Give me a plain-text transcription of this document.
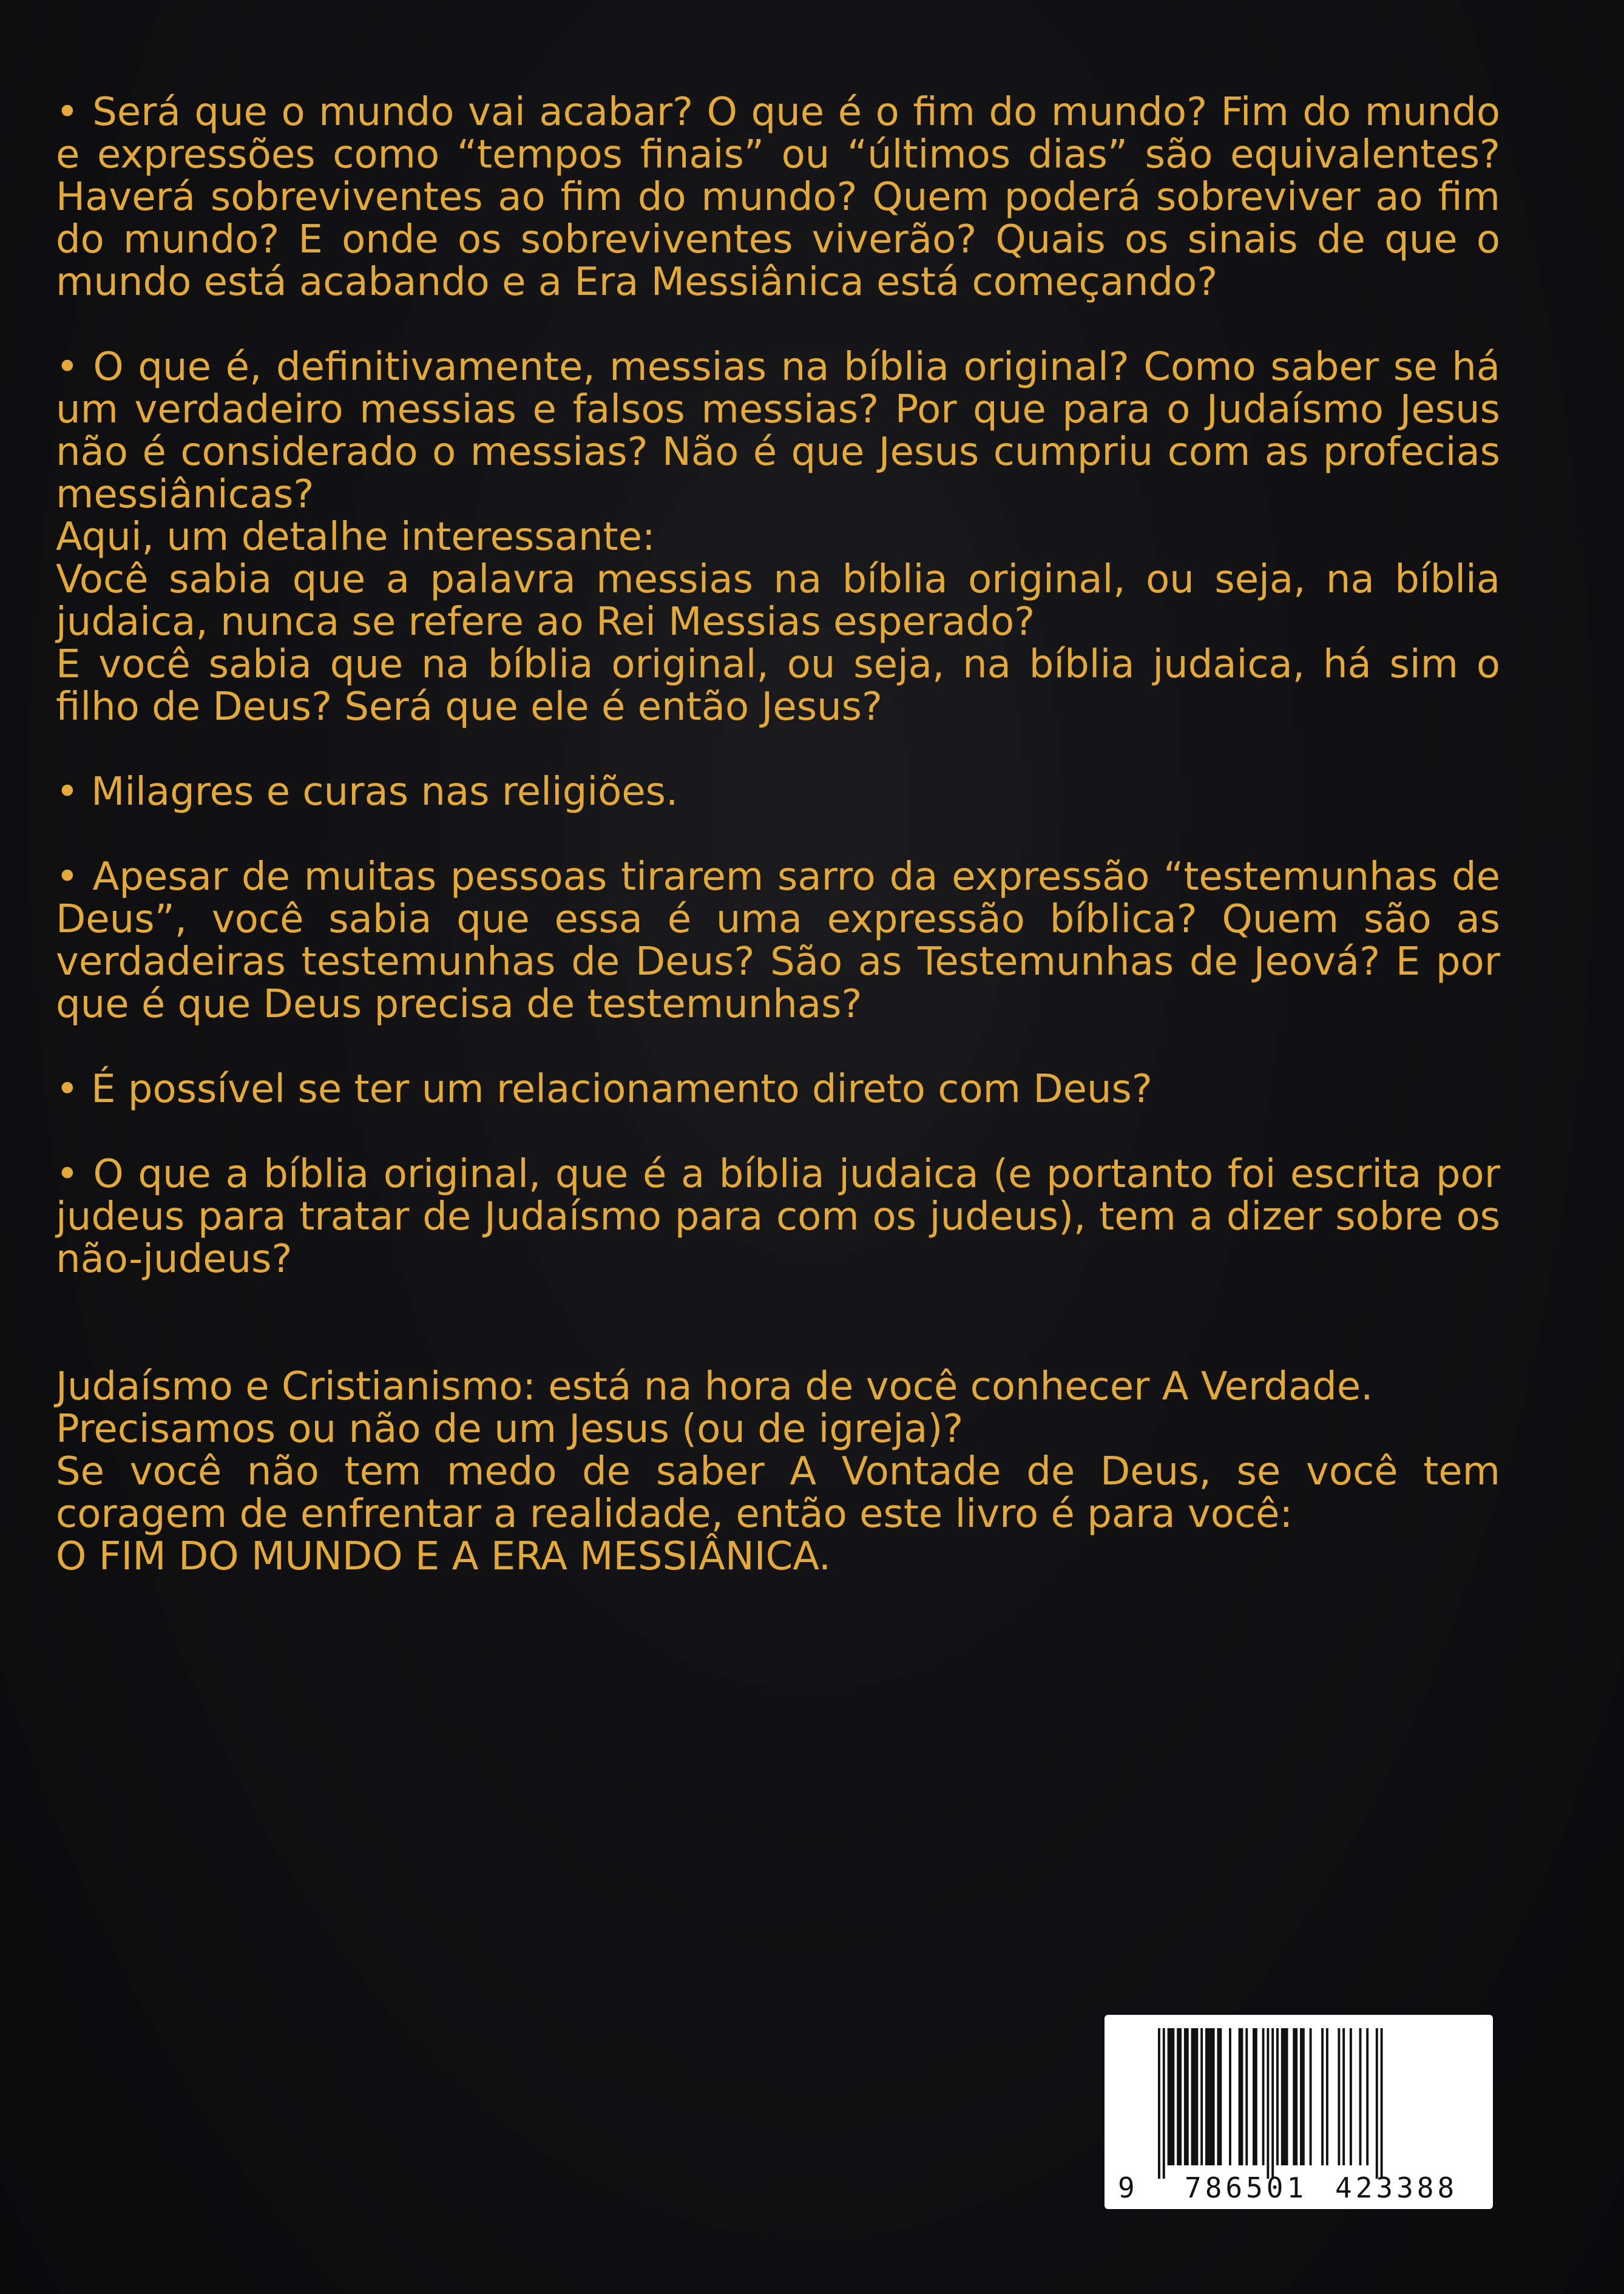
• Será que o mundo vai acabar? O que é o fim do mundo? Fim do mundo e expressões como “tempos finais” ou “últimos dias” são equivalentes? Haverá sobreviventes ao fim do mundo? Quem poderá sobreviver ao fim do mundo? E onde os sobreviventes viverão? Quais os sinais de que o mundo está acabando e a Era Messiânica está começando?

• O que é, definitivamente, messias na bíblia original? Como saber se há um verdadeiro messias e falsos messias? Por que para o Judaísmo Jesus não é considerado o messias? Não é que Jesus cumpriu com as profecias messiânicas?
Aqui, um detalhe interessante:
Você sabia que a palavra messias na bíblia original, ou seja, na bíblia judaica, nunca se refere ao Rei Messias esperado?
E você sabia que na bíblia original, ou seja, na bíblia judaica, há sim o filho de Deus? Será que ele é então Jesus?

• Milagres e curas nas religiões.

• Apesar de muitas pessoas tirarem sarro da expressão “testemunhas de Deus”, você sabia que essa é uma expressão bíblica? Quem são as verdadeiras testemunhas de Deus? São as Testemunhas de Jeová? E por que é que Deus precisa de testemunhas?

• É possível se ter um relacionamento direto com Deus?

• O que a bíblia original, que é a bíblia judaica (e portanto foi escrita por judeus para tratar de Judaísmo para com os judeus), tem a dizer sobre os não-judeus?

Judaísmo e Cristianismo: está na hora de você conhecer A Verdade.
Precisamos ou não de um Jesus (ou de igreja)?
Se você não tem medo de saber A Vontade de Deus, se você tem coragem de enfrentar a realidade, então este livro é para você:
O FIM DO MUNDO E A ERA MESSIÂNICA.
9 786501 423388
